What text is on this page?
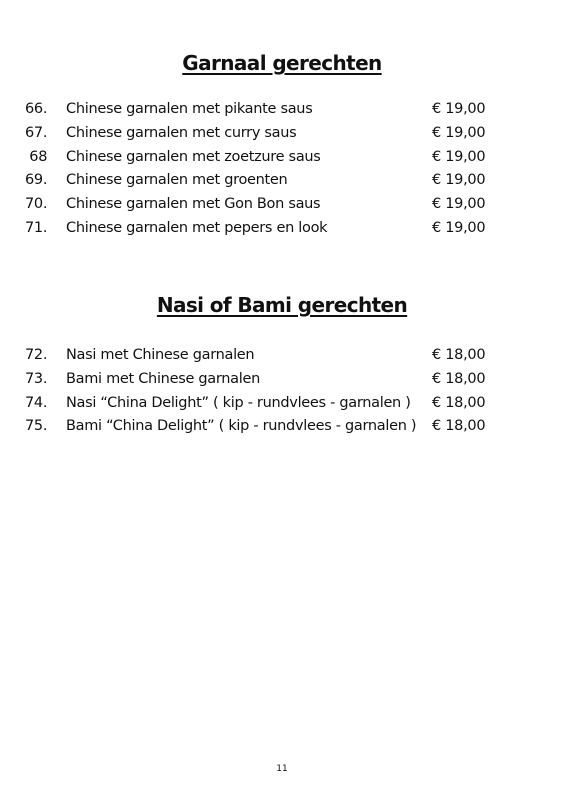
Garnaal gerechten
66. Chinese garnalen met pikante saus	€ 19,00
67. Chinese garnalen met curry saus	€ 19,00
68 Chinese garnalen met zoetzure saus	€ 19,00
69. Chinese garnalen met groenten	€ 19,00
70. Chinese garnalen met Gon Bon saus	€ 19,00
71. Chinese garnalen met pepers en look	€ 19,00
Nasi of Bami gerechten
72. Nasi met Chinese garnalen	€ 18,00
73. Bami met Chinese garnalen	€ 18,00
74. Nasi “China Delight” ( kip - rundvlees - garnalen ) € 18,00
75. Bami “China Delight” ( kip - rundvlees - garnalen ) € 18,00
11
